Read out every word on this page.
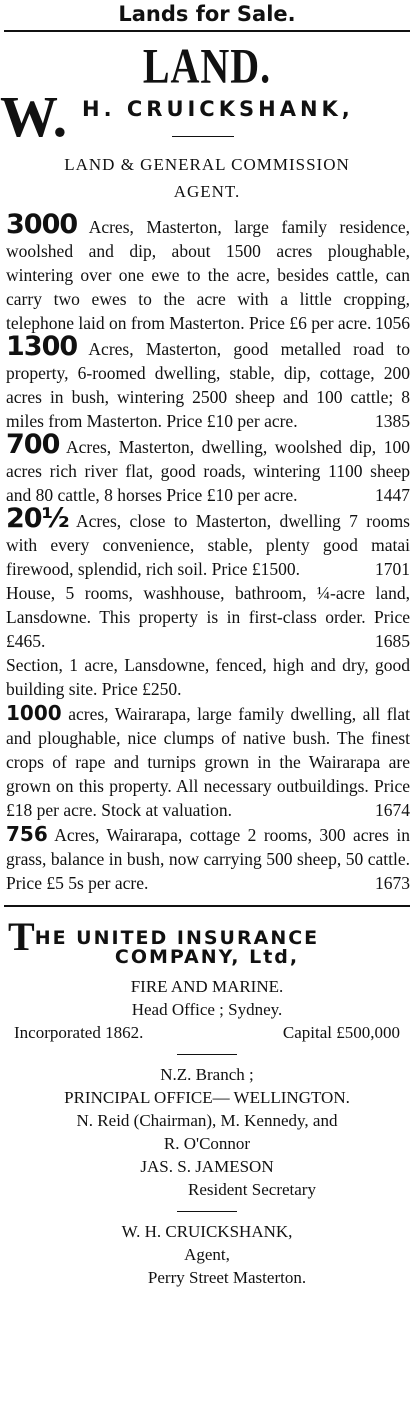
Lands for Sale.
LAND.
W. H. CRUICKSHANK,

LAND & GENERAL COMMISSION

AGENT.

3000 Acres, Masterton, large family residence, woolshed and dip, about 1500 acres ploughable, wintering over one ewe to the acre, besides cattle, can carry two ewes to the acre with a little cropping, telephone laid on from Masterton. Price £6 per acre. 1056

1300 Acres, Masterton, good metalled road to property, 6-roomed dwelling, stable, dip, cottage, 200 acres in bush, wintering 2500 sheep and 100 cattle; 8 miles from Masterton. Price £10 per acre.	1385

700 Acres, Masterton, dwelling, woolshed dip, 100 acres rich river flat, good roads, wintering 1100 sheep and 80 cattle, 8 horses Price £10 per acre.	1447

20½ Acres, close to Masterton, dwelling 7 rooms with every convenience, stable, plenty good matai firewood, splendid, rich soil. Price £1500.	1701

House, 5 rooms, washhouse, bathroom, ¼-acre land, Lansdowne. This property is in first-class order. Price £465.	1685

Section, 1 acre, Lansdowne, fenced, high and dry, good building site. Price £250.

1000 acres, Wairarapa, large family dwelling, all flat and ploughable, nice clumps of native bush. The finest crops of rape and turnips grown in the Wairarapa are grown on this property. All necessary outbuildings. Price £18 per acre. Stock at valuation.	1674

756 Acres, Wairarapa, cottage 2 rooms, 300 acres in grass, balance in bush, now carrying 500 sheep, 50 cattle. Price £5 5s per acre.	1673

THE UNITED INSURANCE
COMPANY, Ltd,
FIRE AND MARINE.
Head Office ; Sydney.
Incorporated 1862.	Capital £500,000
N.Z. Branch ;
PRINCIPAL OFFICE— WELLINGTON.
N. Reid (Chairman), M. Kennedy, and
R. O'Connor
JAS. S. JAMESON
Resident Secretary
W. H. CRUICKSHANK,
Agent,
Perry Street Masterton.
